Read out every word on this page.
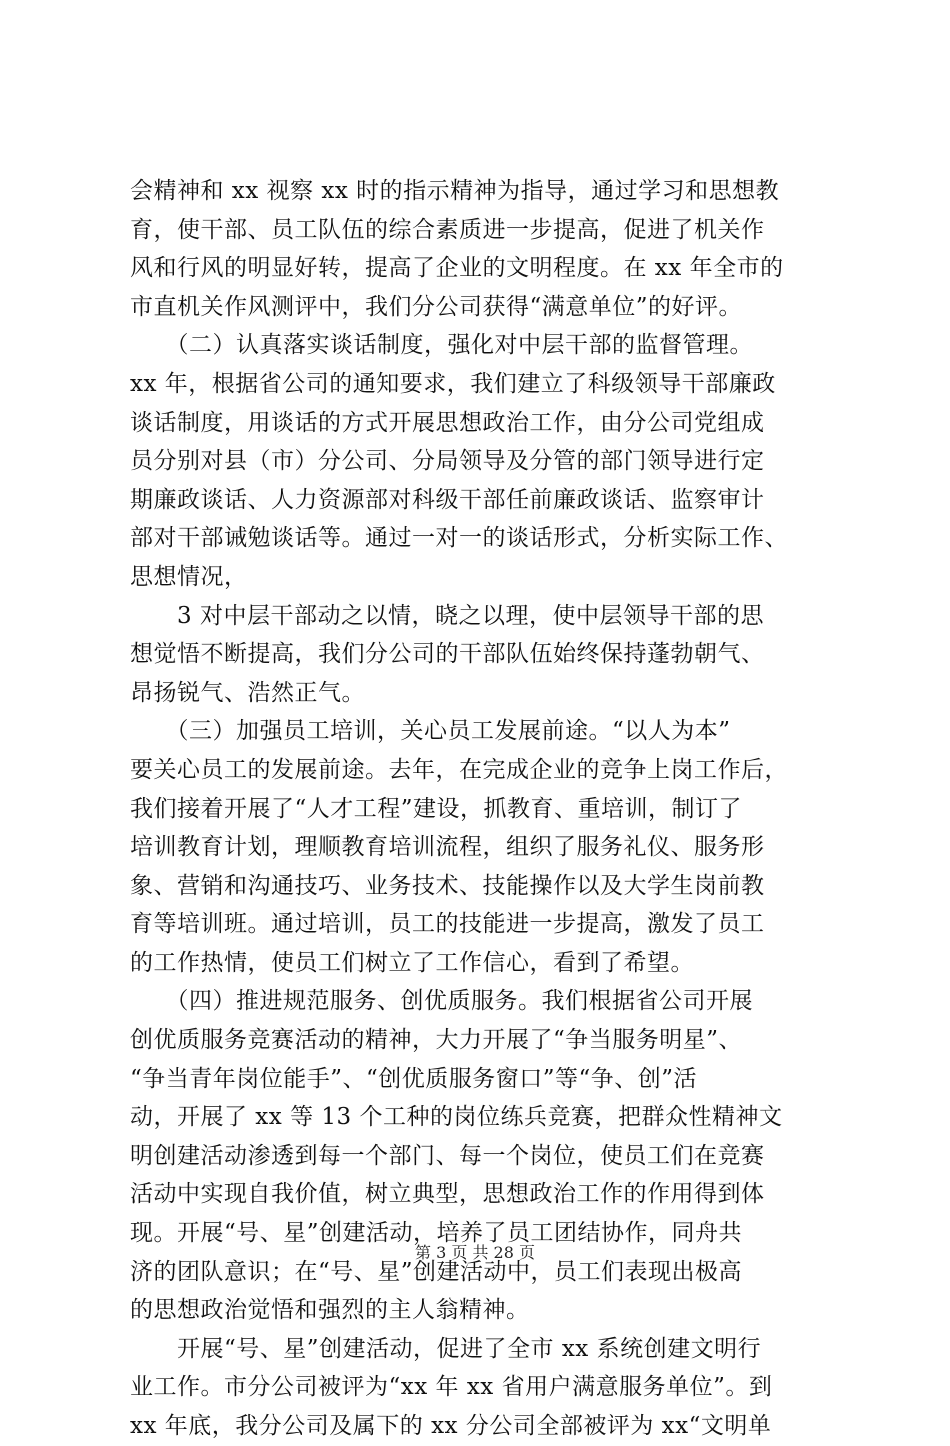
会精神和 xx 视察 xx 时的指示精神为指导，通过学习和思想教
育，使干部、员工队伍的综合素质进一步提高，促进了机关作
风和行风的明显好转，提高了企业的文明程度。在 xx 年全市的
市直机关作风测评中，我们分公司获得“满意单位”的好评。
　　（二）认真落实谈话制度，强化对中层干部的监督管理。
xx 年，根据省公司的通知要求，我们建立了科级领导干部廉政
谈话制度，用谈话的方式开展思想政治工作，由分公司党组成
员分别对县（市）分公司、分局领导及分管的部门领导进行定
期廉政谈话、人力资源部对科级干部任前廉政谈话、监察审计
部对干部诫勉谈话等。通过一对一的谈话形式，分析实际工作、
思想情况，
　　3 对中层干部动之以情，晓之以理，使中层领导干部的思
想觉悟不断提高，我们分公司的干部队伍始终保持蓬勃朝气、
昂扬锐气、浩然正气。
　　（三）加强员工培训，关心员工发展前途。“以人为本”
要关心员工的发展前途。去年，在完成企业的竞争上岗工作后，
我们接着开展了“人才工程”建设，抓教育、重培训，制订了
培训教育计划，理顺教育培训流程，组织了服务礼仪、服务形
象、营销和沟通技巧、业务技术、技能操作以及大学生岗前教
育等培训班。通过培训，员工的技能进一步提高，激发了员工
的工作热情，使员工们树立了工作信心，看到了希望。
　　（四）推进规范服务、创优质服务。我们根据省公司开展
创优质服务竞赛活动的精神，大力开展了“争当服务明星”、
“争当青年岗位能手”、“创优质服务窗口”等“争、创”活
动，开展了 xx 等 13 个工种的岗位练兵竞赛，把群众性精神文
明创建活动渗透到每一个部门、每一个岗位，使员工们在竞赛
活动中实现自我价值，树立典型，思想政治工作的作用得到体
现。开展“号、星”创建活动，培养了员工团结协作，同舟共
济的团队意识；在“号、星”创建活动中，员工们表现出极高
的思想政治觉悟和强烈的主人翁精神。
　　开展“号、星”创建活动，促进了全市 xx 系统创建文明行
业工作。市分公司被评为“xx 年 xx 省用户满意服务单位”。到
xx 年底，我分公司及属下的 xx 分公司全部被评为 xx“文明单
第 3 页 共 28 页
